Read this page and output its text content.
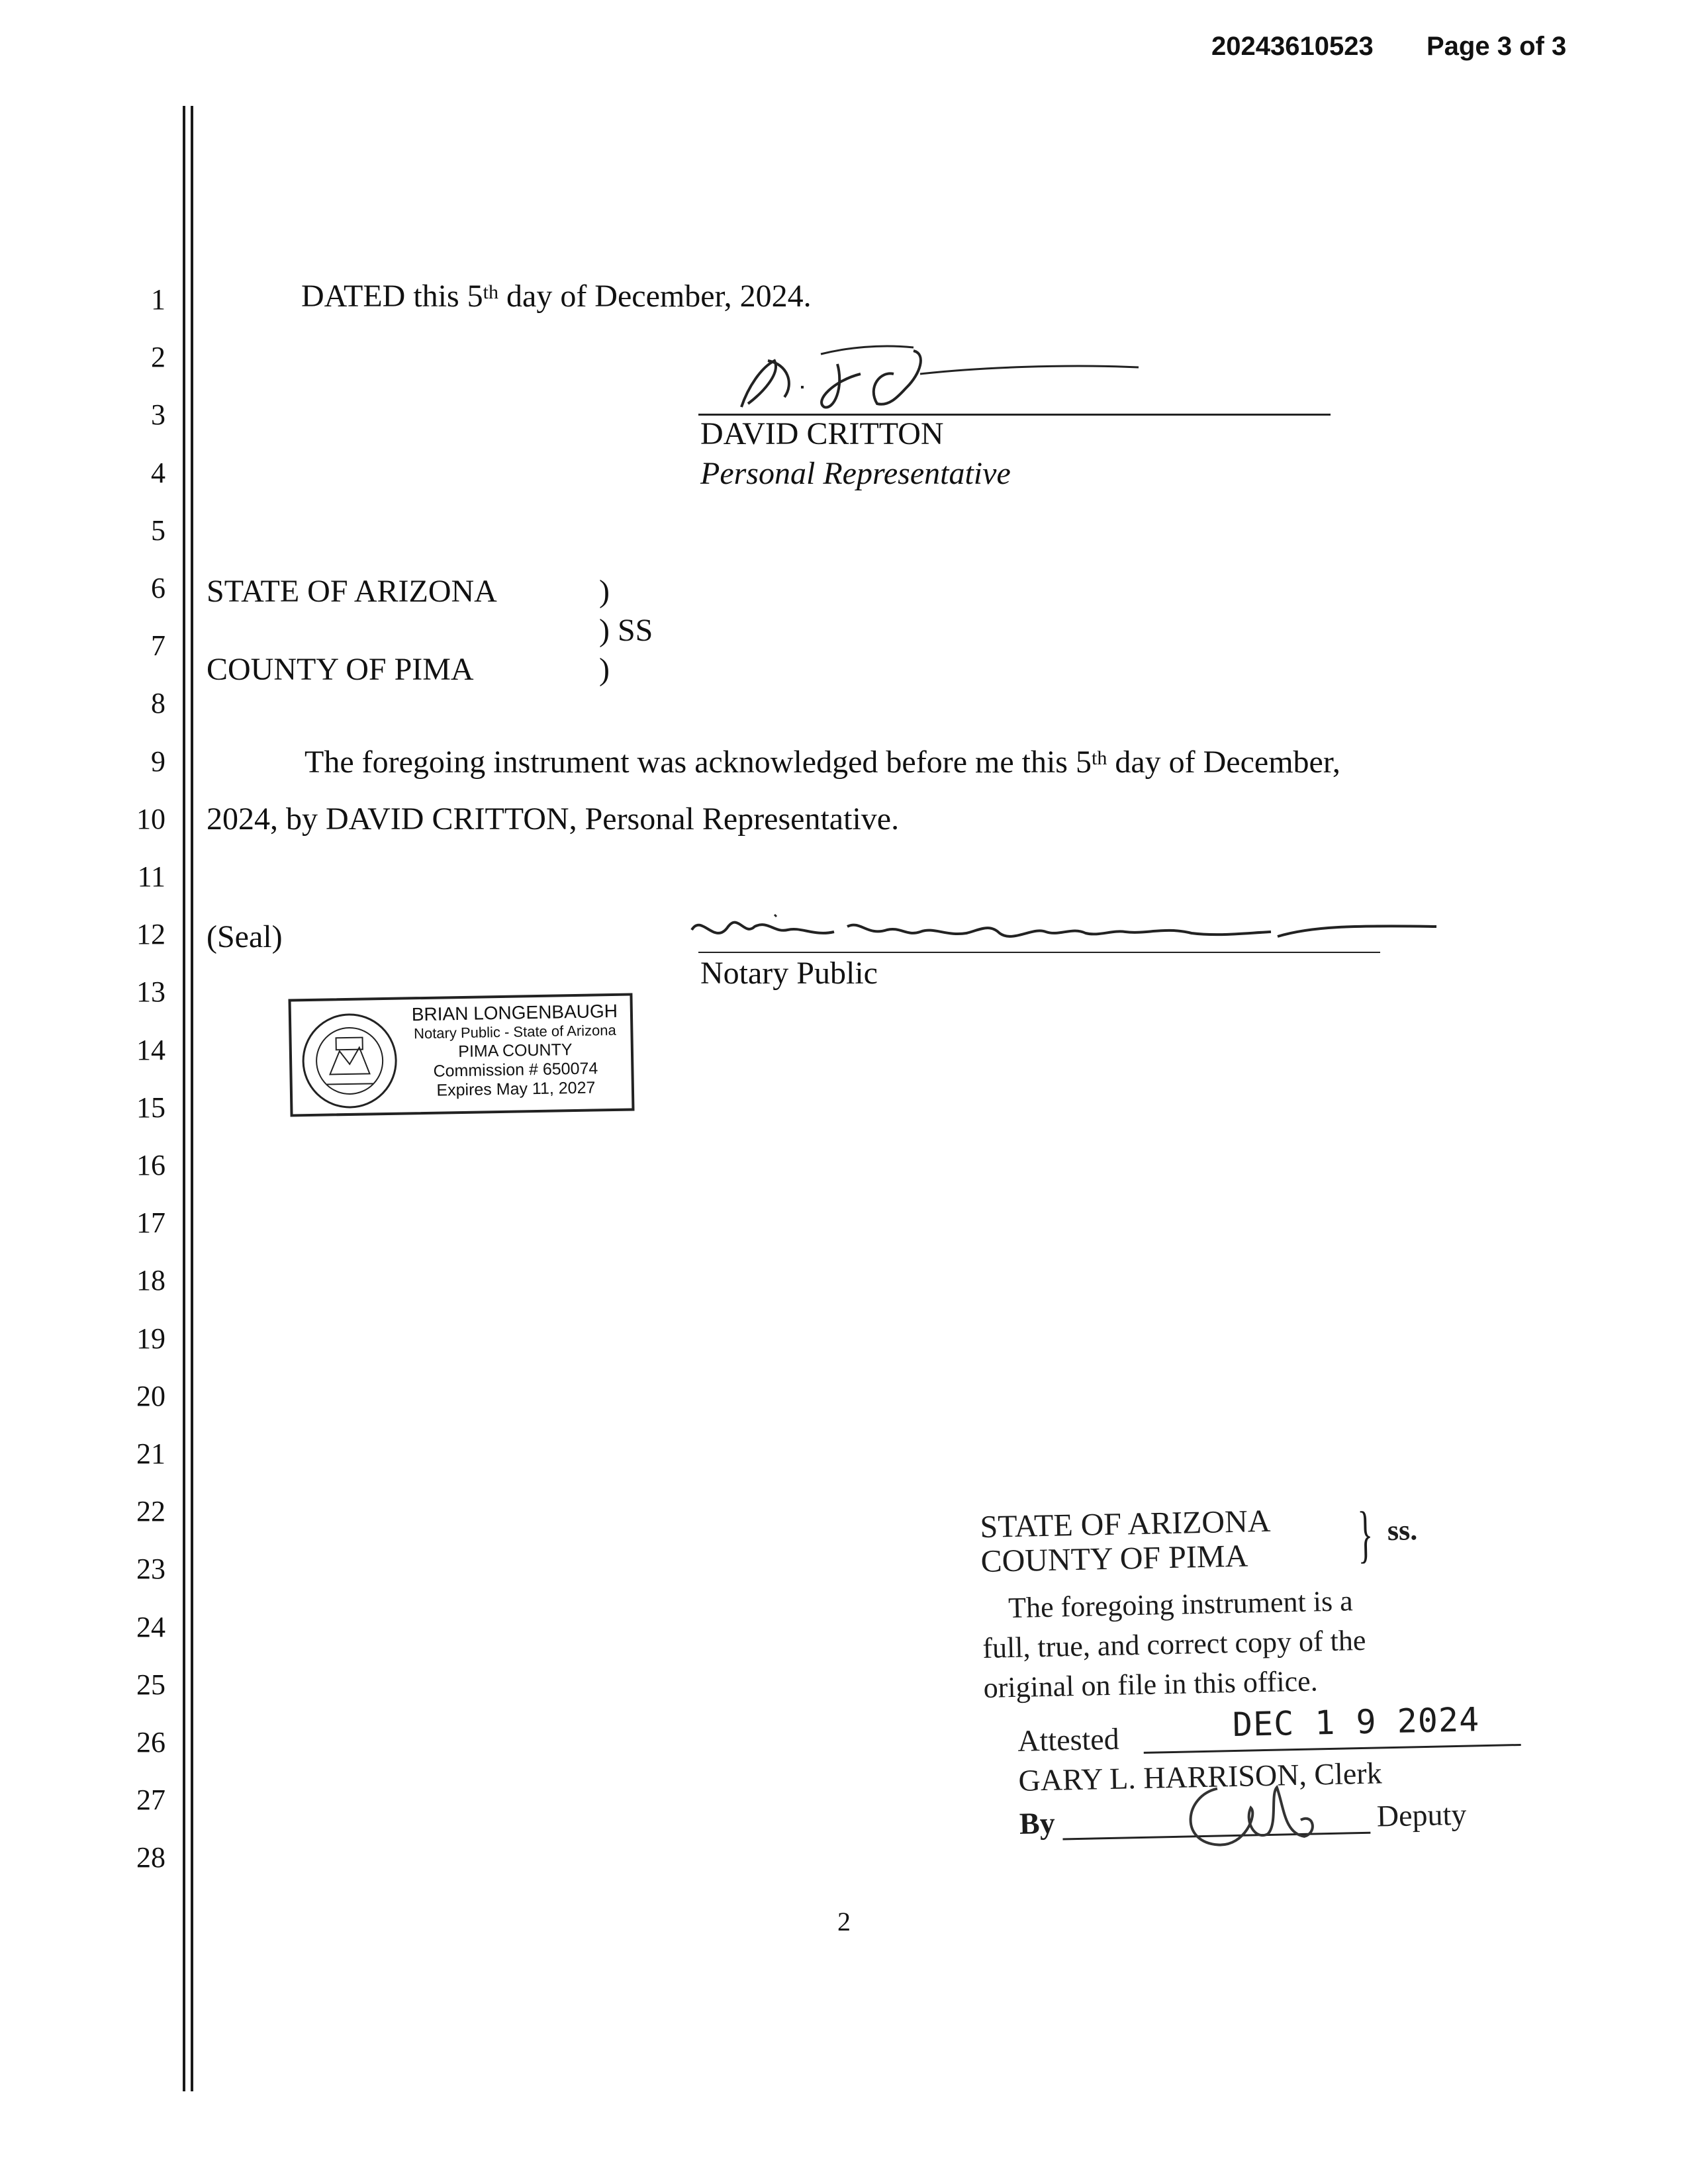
20243610523 Page 3 of 3
1
2
3
4
5
6
7
8
9
10
11
12
13
14
15
16
17
18
19
20
21
22
23
24
25
26
27
28
DATED this 5th day of December, 2024.
DAVID CRITTON
Personal Representative
STATE OF ARIZONA	)
) SS
COUNTY OF PIMA	)
The foregoing instrument was acknowledged before me this 5th day of December,
2024, by DAVID CRITTON, Personal Representative.
(Seal)
Notary Public
BRIAN LONGENBAUGH
Notary Public - State of Arizona
PIMA COUNTY
Commission # 650074
Expires May 11, 2027
STATE OF ARIZONA
COUNTY OF PIMA } ss.
The foregoing instrument is a
full, true, and correct copy of the
original on file in this office.
Attested	DEC 1 9 2024
GARY L. HARRISON, Clerk
By	Deputy
2
